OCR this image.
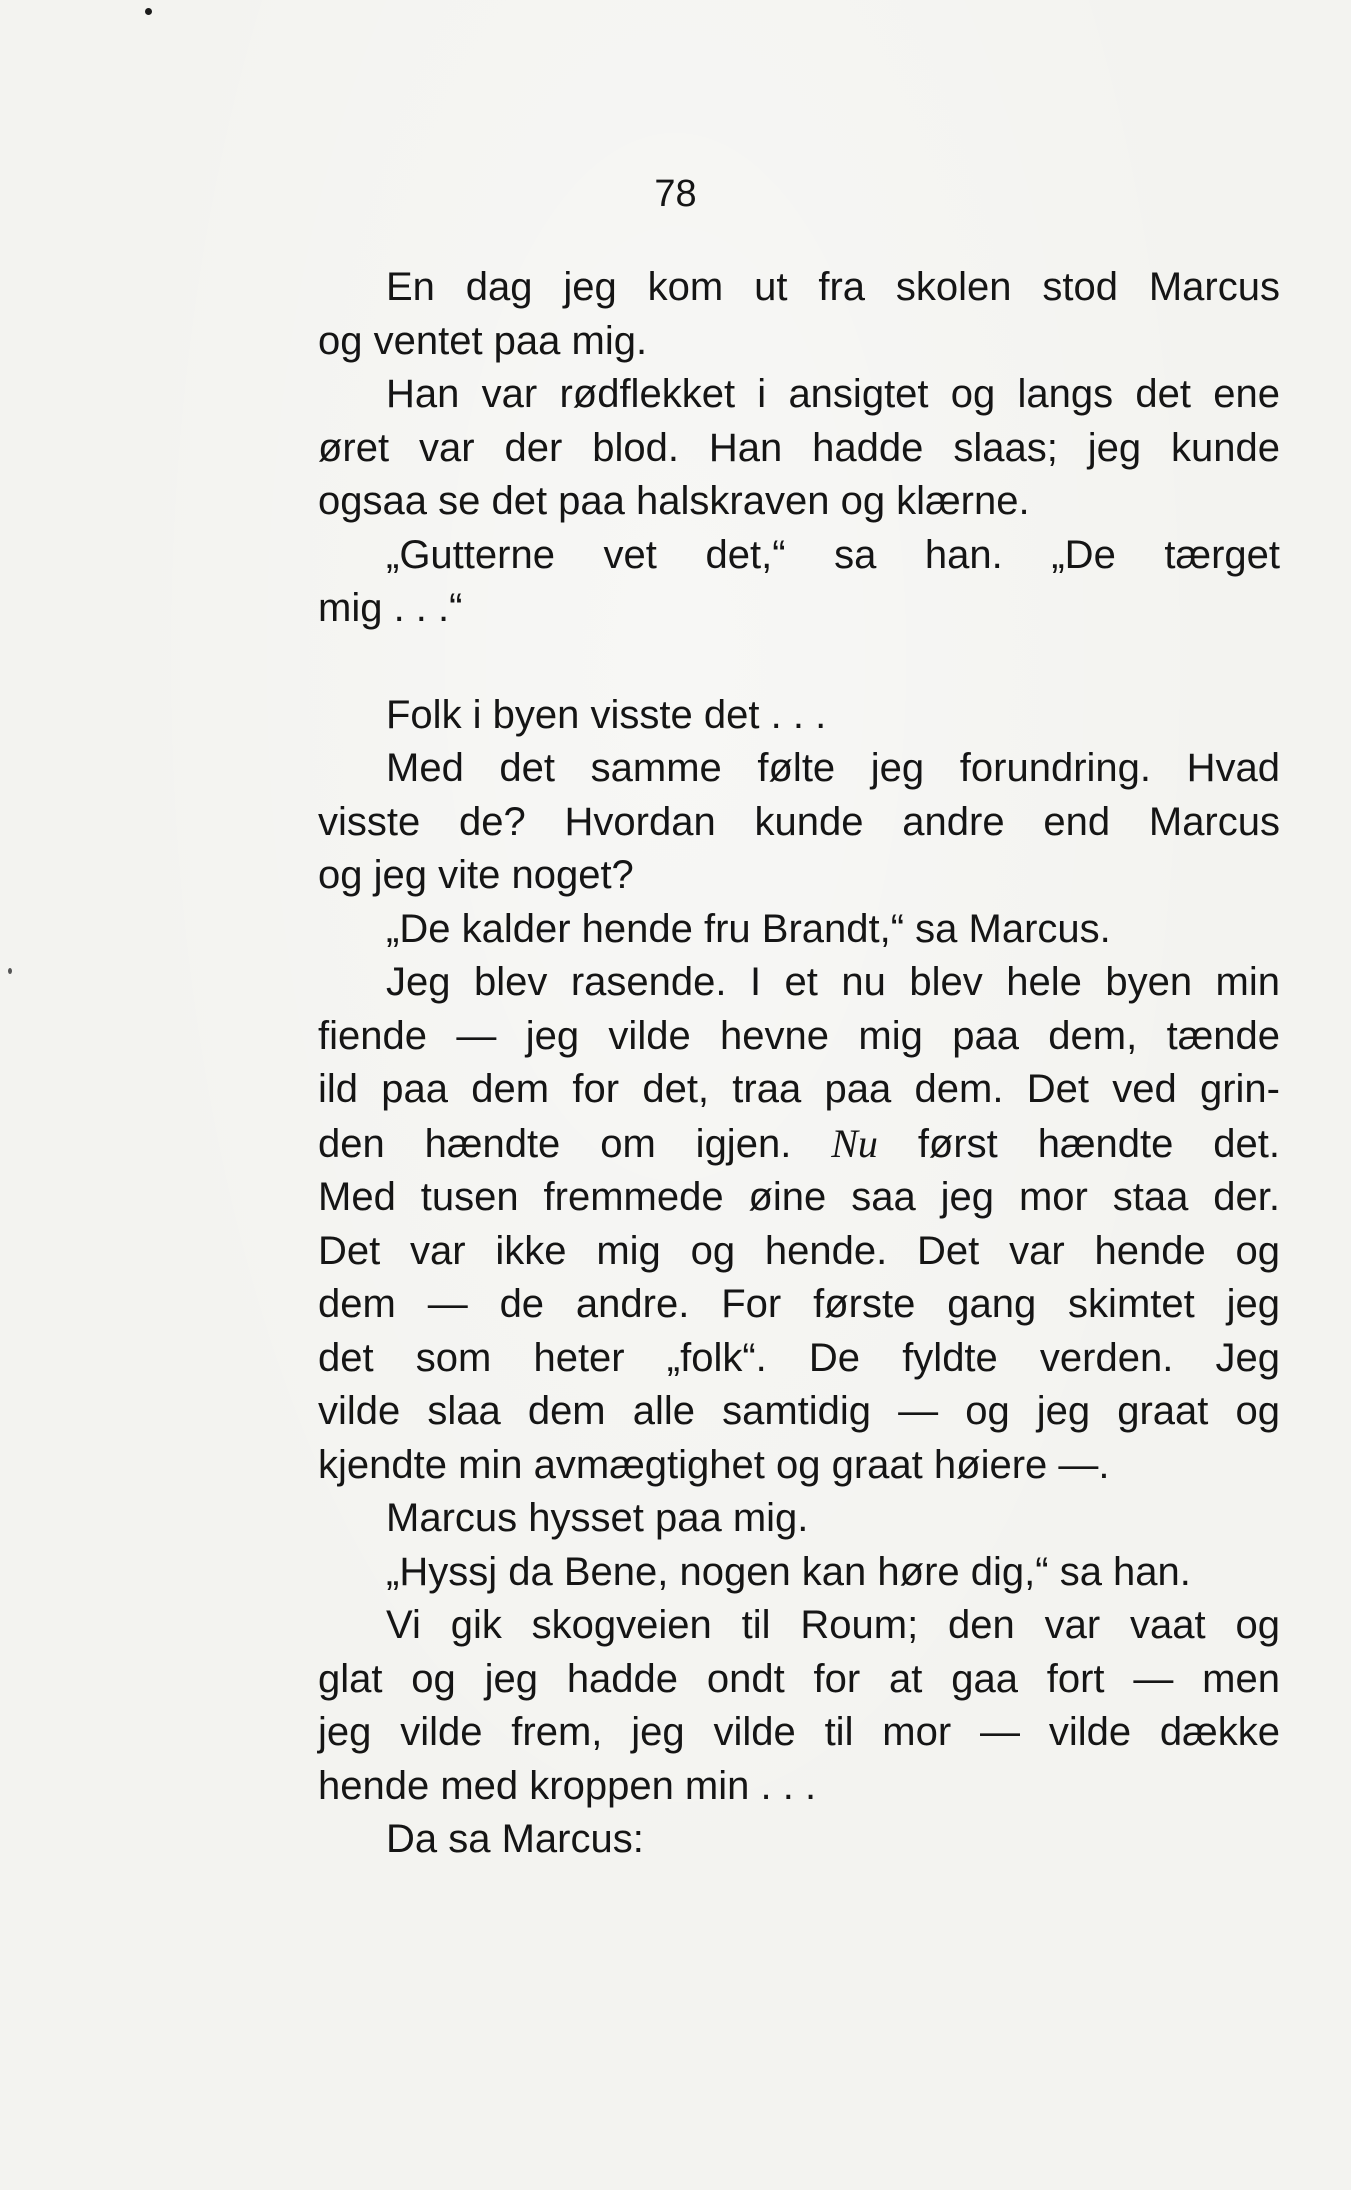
78
En dag jeg kom ut fra skolen stod Marcus
og ventet paa mig.
Han var rødflekket i ansigtet og langs det ene
øret var der blod. Han hadde slaas; jeg kunde
ogsaa se det paa halskraven og klærne.
„Gutterne vet det,“ sa han. „De tærget
mig . . .“
Folk i byen visste det . . .
Med det samme følte jeg forundring. Hvad
visste de? Hvordan kunde andre end Marcus
og jeg vite noget?
„De kalder hende fru Brandt,“ sa Marcus.
Jeg blev rasende. I et nu blev hele byen min
fiende — jeg vilde hevne mig paa dem, tænde
ild paa dem for det, traa paa dem. Det ved grin-
den hændte om igjen. Nu først hændte det.
Med tusen fremmede øine saa jeg mor staa der.
Det var ikke mig og hende. Det var hende og
dem — de andre. For første gang skimtet jeg
det som heter „folk“. De fyldte verden. Jeg
vilde slaa dem alle samtidig — og jeg graat og
kjendte min avmægtighet og graat høiere —.
Marcus hysset paa mig.
„Hyssj da Bene, nogen kan høre dig,“ sa han.
Vi gik skogveien til Roum; den var vaat og
glat og jeg hadde ondt for at gaa fort — men
jeg vilde frem, jeg vilde til mor — vilde dække
hende med kroppen min . . .
Da sa Marcus:
